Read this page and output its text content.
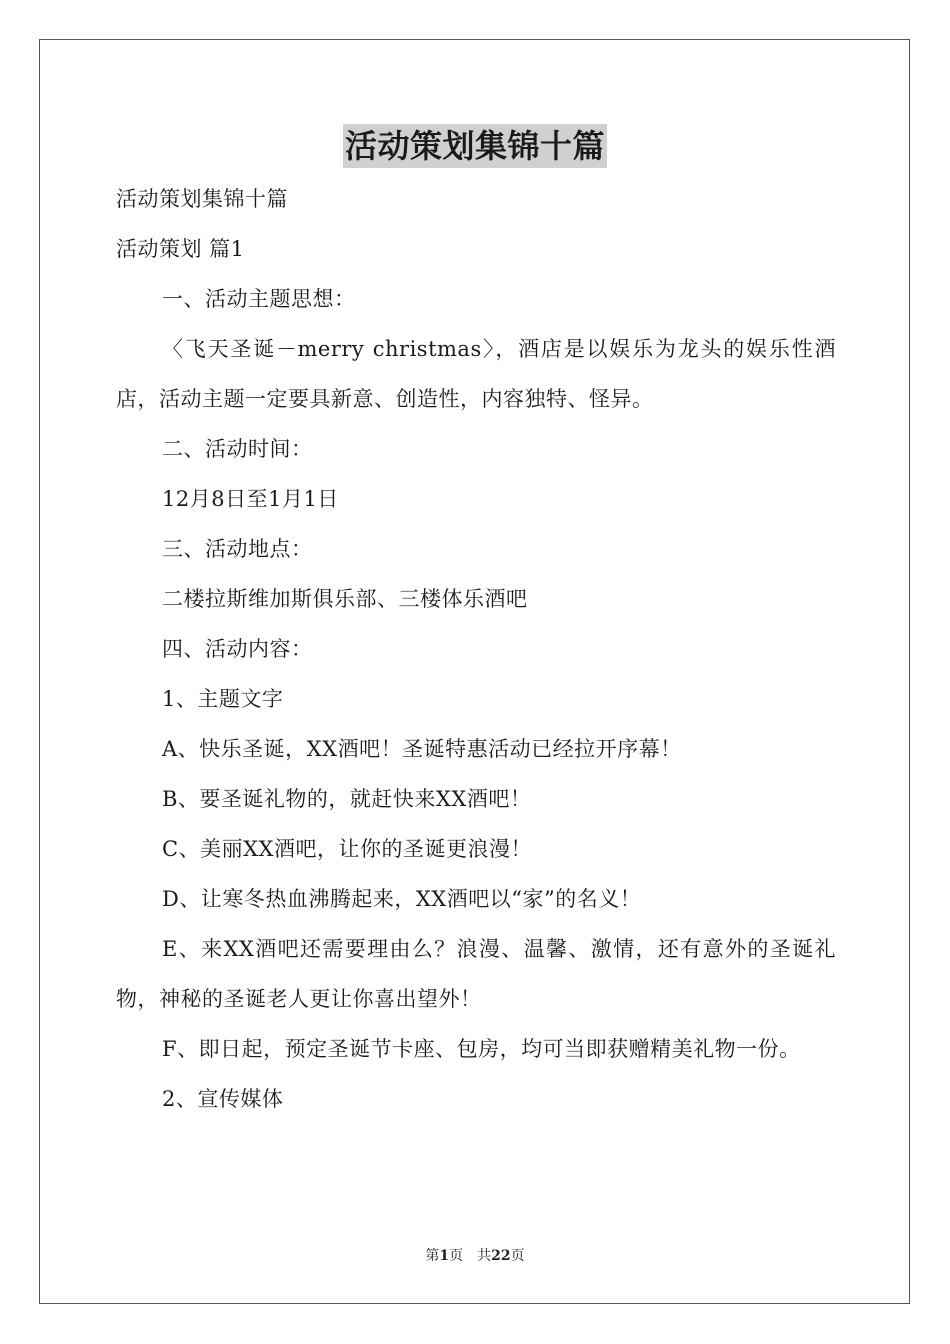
活动策划集锦十篇

活动策划集锦十篇

活动策划 篇1

一、活动主题思想：

〈飞天圣诞－merry christmas〉，酒店是以娱乐为龙头的娱乐性酒店，活动主题一定要具新意、创造性，内容独特、怪异。

二、活动时间：

12月8日至1月1日

三、活动地点：

二楼拉斯维加斯俱乐部、三楼体乐酒吧

四、活动内容：

1、主题文字

A、快乐圣诞，XX酒吧！圣诞特惠活动已经拉开序幕！

B、要圣诞礼物的，就赶快来XX酒吧！

C、美丽XX酒吧，让你的圣诞更浪漫！

D、让寒冬热血沸腾起来，XX酒吧以“家”的名义！

E、来XX酒吧还需要理由么？浪漫、温馨、激情，还有意外的圣诞礼物，神秘的圣诞老人更让你喜出望外！

F、即日起，预定圣诞节卡座、包房，均可当即获赠精美礼物一份。

2、宣传媒体

第1页 共22页
